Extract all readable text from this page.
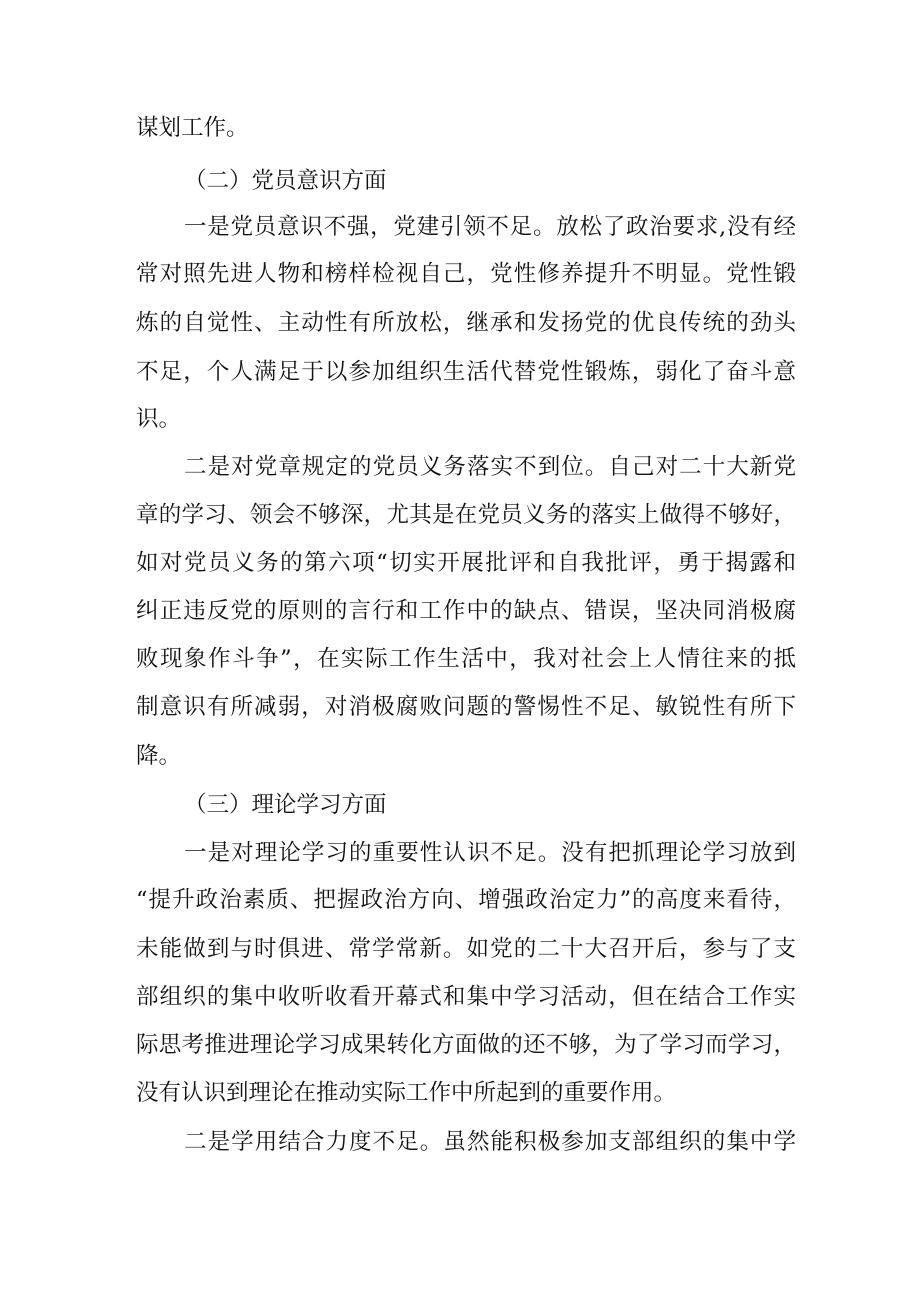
谋划工作。
（二）党员意识方面
一是党员意识不强，党建引领不足。放松了政治要求,没有经
常对照先进人物和榜样检视自己，党性修养提升不明显。党性锻
炼的自觉性、主动性有所放松，继承和发扬党的优良传统的劲头
不足，个人满足于以参加组织生活代替党性锻炼，弱化了奋斗意
识。
二是对党章规定的党员义务落实不到位。自己对二十大新党
章的学习、领会不够深，尤其是在党员义务的落实上做得不够好，
如对党员义务的第六项“切实开展批评和自我批评，勇于揭露和
纠正违反党的原则的言行和工作中的缺点、错误，坚决同消极腐
败现象作斗争”，在实际工作生活中，我对社会上人情往来的抵
制意识有所减弱，对消极腐败问题的警惕性不足、敏锐性有所下
降。
（三）理论学习方面
一是对理论学习的重要性认识不足。没有把抓理论学习放到
“提升政治素质、把握政治方向、增强政治定力”的高度来看待，
未能做到与时俱进、常学常新。如党的二十大召开后，参与了支
部组织的集中收听收看开幕式和集中学习活动，但在结合工作实
际思考推进理论学习成果转化方面做的还不够，为了学习而学习，
没有认识到理论在推动实际工作中所起到的重要作用。
二是学用结合力度不足。虽然能积极参加支部组织的集中学
